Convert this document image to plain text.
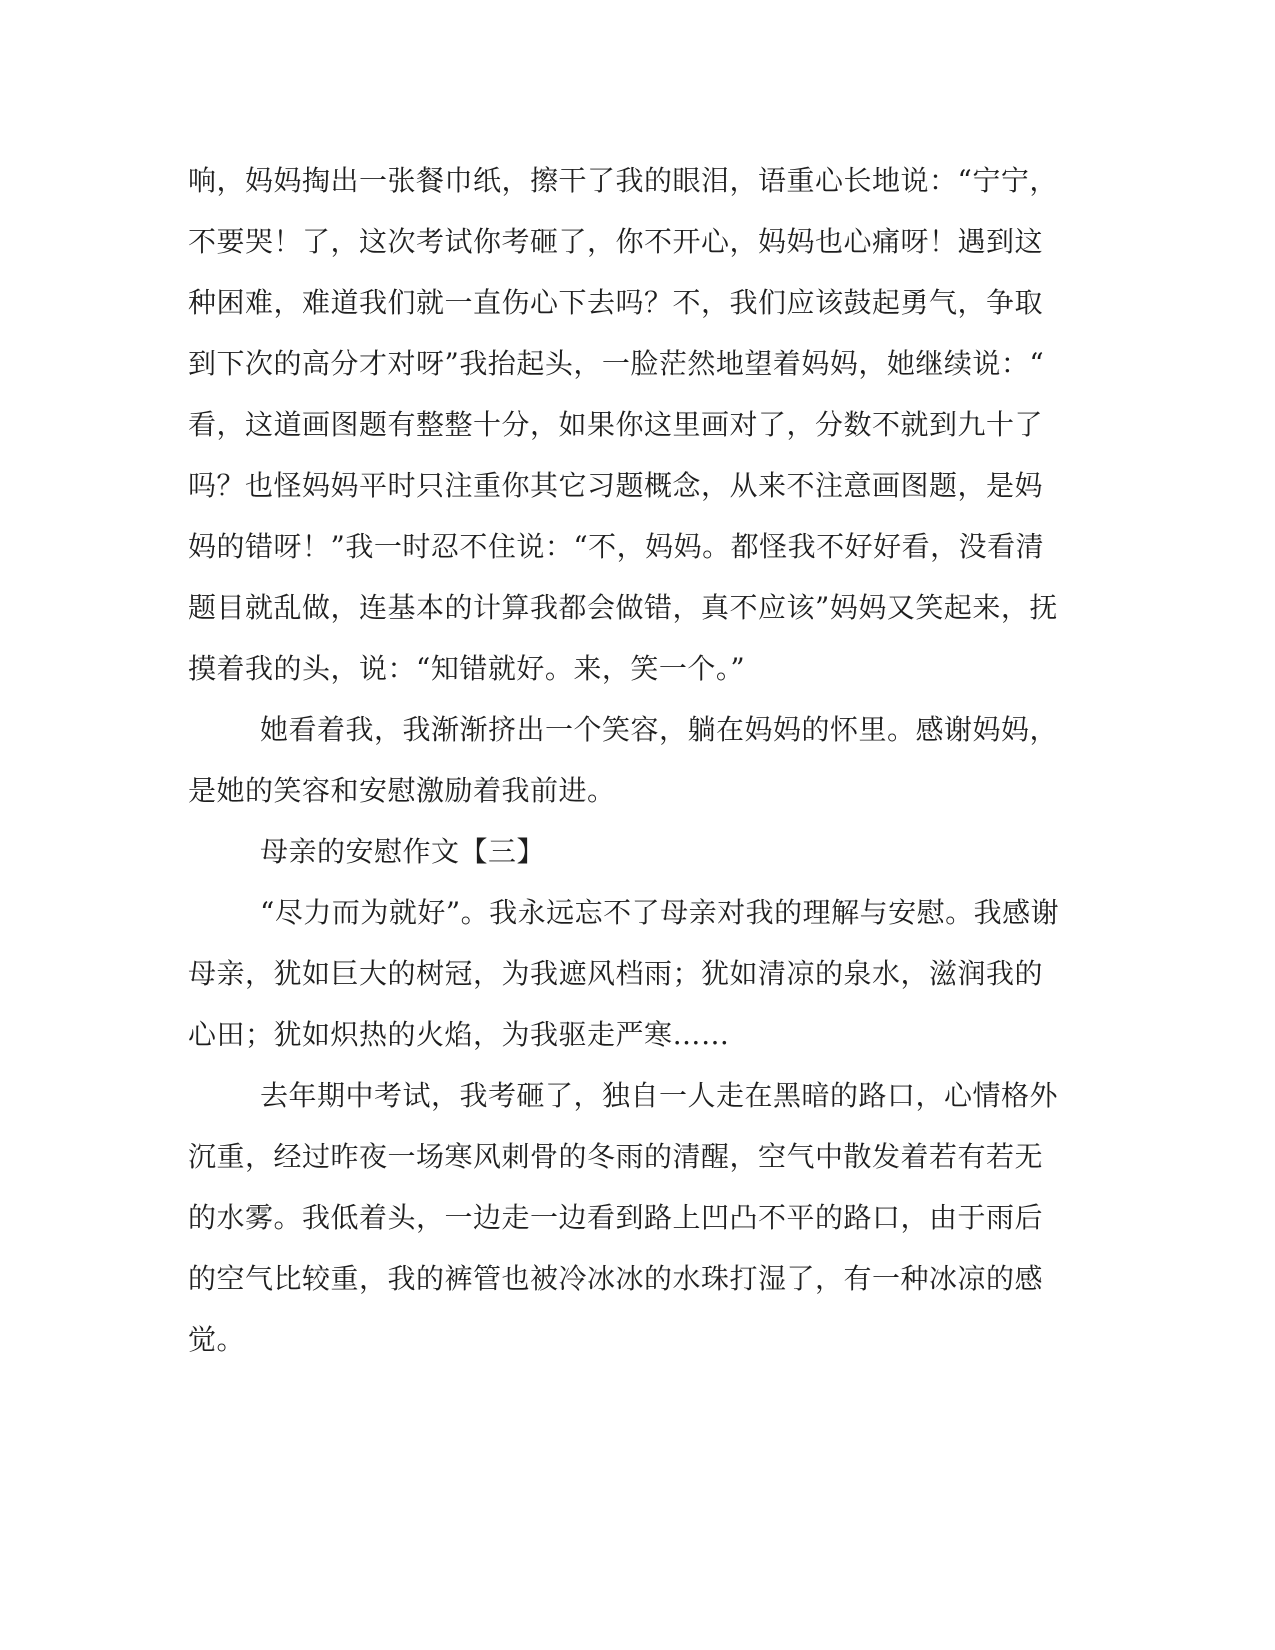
响，妈妈掏出一张餐巾纸，擦干了我的眼泪，语重心长地说：“宁宁，
不要哭！了，这次考试你考砸了，你不开心，妈妈也心痛呀！遇到这
种困难，难道我们就一直伤心下去吗？不，我们应该鼓起勇气，争取
到下次的高分才对呀”我抬起头，一脸茫然地望着妈妈，她继续说：“
看，这道画图题有整整十分，如果你这里画对了，分数不就到九十了
吗？也怪妈妈平时只注重你其它习题概念，从来不注意画图题，是妈
妈的错呀！”我一时忍不住说：“不，妈妈。都怪我不好好看，没看清
题目就乱做，连基本的计算我都会做错，真不应该”妈妈又笑起来，抚
摸着我的头，说：“知错就好。来，笑一个。”
她看着我，我渐渐挤出一个笑容，躺在妈妈的怀里。感谢妈妈，
是她的笑容和安慰激励着我前进。
母亲的安慰作文【三】
“尽力而为就好”。我永远忘不了母亲对我的理解与安慰。我感谢
母亲，犹如巨大的树冠，为我遮风档雨；犹如清凉的泉水，滋润我的
心田；犹如炽热的火焰，为我驱走严寒……
去年期中考试，我考砸了，独自一人走在黑暗的路口，心情格外
沉重，经过昨夜一场寒风刺骨的冬雨的清醒，空气中散发着若有若无
的水雾。我低着头，一边走一边看到路上凹凸不平的路口，由于雨后
的空气比较重，我的裤管也被冷冰冰的水珠打湿了，有一种冰凉的感
觉。
